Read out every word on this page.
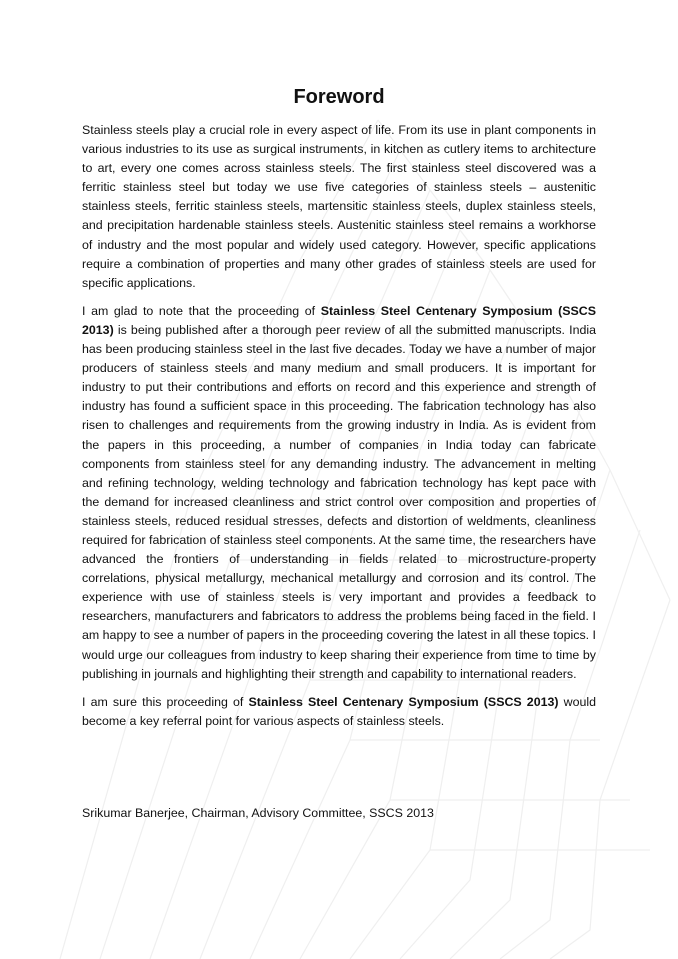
Foreword

Stainless steels play a crucial role in every aspect of life. From its use in plant components in various industries to its use as surgical instruments, in kitchen as cutlery items to architecture to art, every one comes across stainless steels. The first stainless steel discovered was a ferritic stainless steel but today we use five categories of stainless steels – austenitic stainless steels, ferritic stainless steels, martensitic stainless steels, duplex stainless steels, and precipitation hardenable stainless steels. Austenitic stainless steel remains a workhorse of industry and the most popular and widely used category. However, specific applications require a combination of properties and many other grades of stainless steels are used for specific applications.

I am glad to note that the proceeding of Stainless Steel Centenary Symposium (SSCS 2013) is being published after a thorough peer review of all the submitted manuscripts. India has been producing stainless steel in the last five decades. Today we have a number of major producers of stainless steels and many medium and small producers. It is important for industry to put their contributions and efforts on record and this experience and strength of industry has found a sufficient space in this proceeding. The fabrication technology has also risen to challenges and requirements from the growing industry in India. As is evident from the papers in this proceeding, a number of companies in India today can fabricate components from stainless steel for any demanding industry. The advancement in melting and refining technology, welding technology and fabrication technology has kept pace with the demand for increased cleanliness and strict control over composition and properties of stainless steels, reduced residual stresses, defects and distortion of weldments, cleanliness required for fabrication of stainless steel components. At the same time, the researchers have advanced the frontiers of understanding in fields related to microstructure-property correlations, physical metallurgy, mechanical metallurgy and corrosion and its control. The experience with use of stainless steels is very important and provides a feedback to researchers, manufacturers and fabricators to address the problems being faced in the field. I am happy to see a number of papers in the proceeding covering the latest in all these topics. I would urge our colleagues from industry to keep sharing their experience from time to time by publishing in journals and highlighting their strength and capability to international readers.

I am sure this proceeding of Stainless Steel Centenary Symposium (SSCS 2013) would become a key referral point for various aspects of stainless steels.

Srikumar Banerjee, Chairman, Advisory Committee, SSCS 2013
